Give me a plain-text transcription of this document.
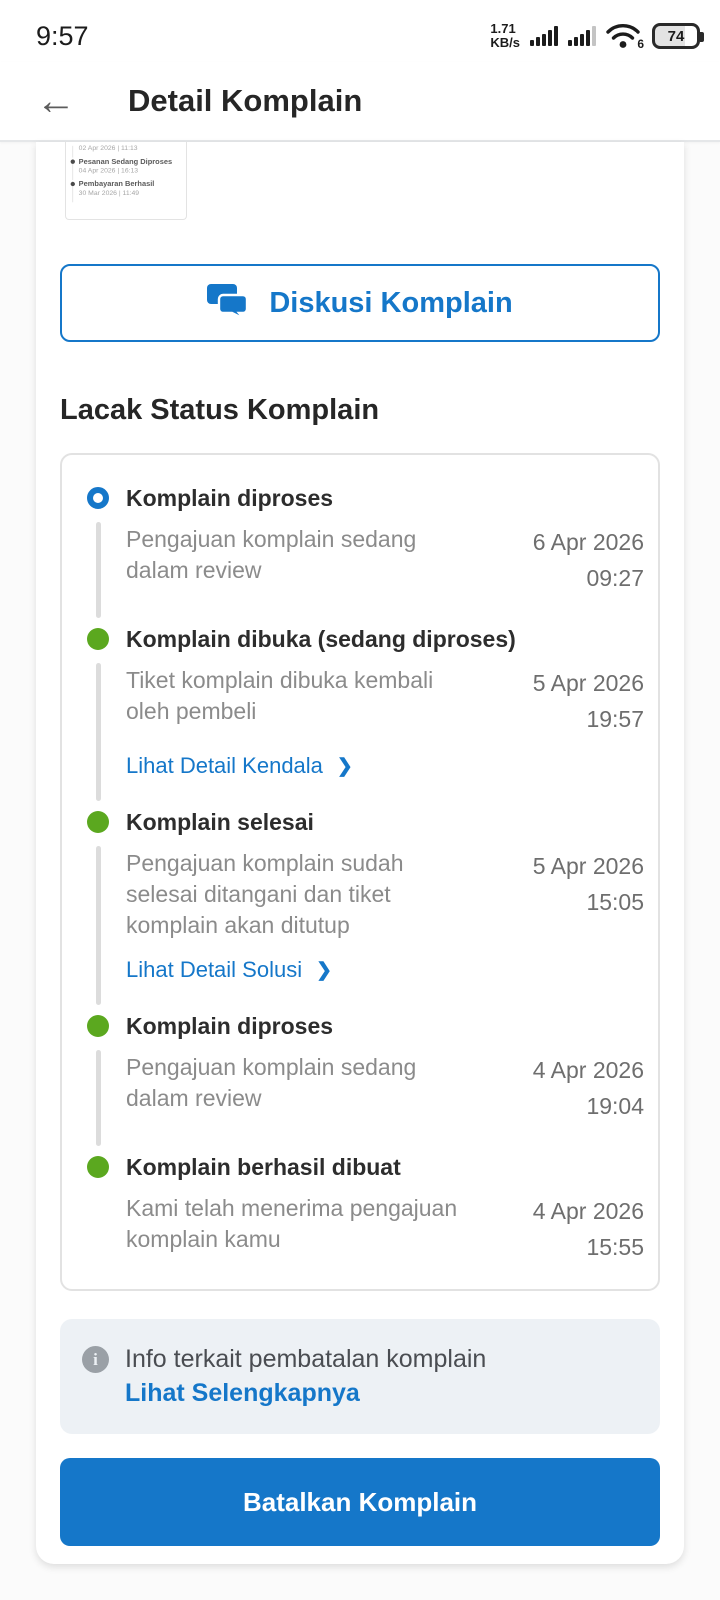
9:57	1.71
KB/s	6 74
←	Detail Komplain
02 Apr 2026 | 11:13
Pesanan Sedang Diproses
04 Apr 2026 | 16:13
Pembayaran Berhasil
30 Mar 2026 | 11:49
Diskusi Komplain
Lacak Status Komplain
Komplain diproses
Pengajuan komplain sedang dalam review
6 Apr 2026
09:27
Komplain dibuka (sedang diproses)
Tiket komplain dibuka kembali oleh pembeli
5 Apr 2026
19:57
Lihat Detail Kendala ❯
Komplain selesai
Pengajuan komplain sudah selesai ditangani dan tiket komplain akan ditutup
5 Apr 2026
15:05
Lihat Detail Solusi ❯
Komplain diproses
Pengajuan komplain sedang dalam review
4 Apr 2026
19:04
Komplain berhasil dibuat
Kami telah menerima pengajuan komplain kamu
4 Apr 2026
15:55
i	Info terkait pembatalan komplain
Lihat Selengkapnya
Batalkan Komplain
